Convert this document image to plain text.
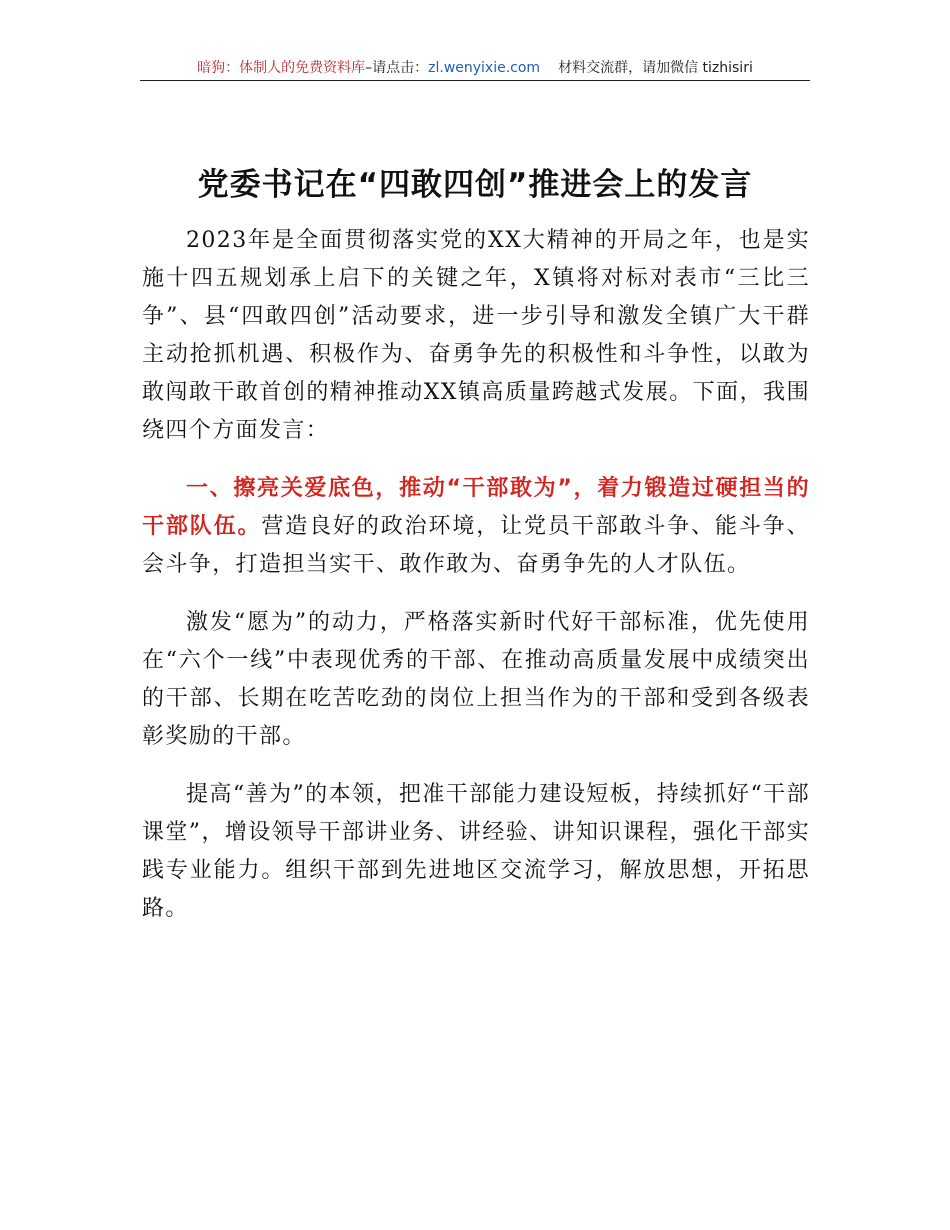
暗狗：体制人的免费资料库–请点击：zl.wenyixie.com 材料交流群，请加微信 tizhisiri
党委书记在“四敢四创”推进会上的发言

2023年是全面贯彻落实党的XX大精神的开局之年，也是实施十四五规划承上启下的关键之年，X镇将对标对表市“三比三争”、县“四敢四创”活动要求，进一步引导和激发全镇广大干群主动抢抓机遇、积极作为、奋勇争先的积极性和斗争性，以敢为敢闯敢干敢首创的精神推动XX镇高质量跨越式发展。下面，我围绕四个方面发言：

一、擦亮关爱底色，推动“干部敢为”，着力锻造过硬担当的干部队伍。营造良好的政治环境，让党员干部敢斗争、能斗争、会斗争，打造担当实干、敢作敢为、奋勇争先的人才队伍。

激发“愿为”的动力，严格落实新时代好干部标准，优先使用在“六个一线”中表现优秀的干部、在推动高质量发展中成绩突出的干部、长期在吃苦吃劲的岗位上担当作为的干部和受到各级表彰奖励的干部。

提高“善为”的本领，把准干部能力建设短板，持续抓好“干部课堂”，增设领导干部讲业务、讲经验、讲知识课程，强化干部实践专业能力。组织干部到先进地区交流学习，解放思想，开拓思路。
